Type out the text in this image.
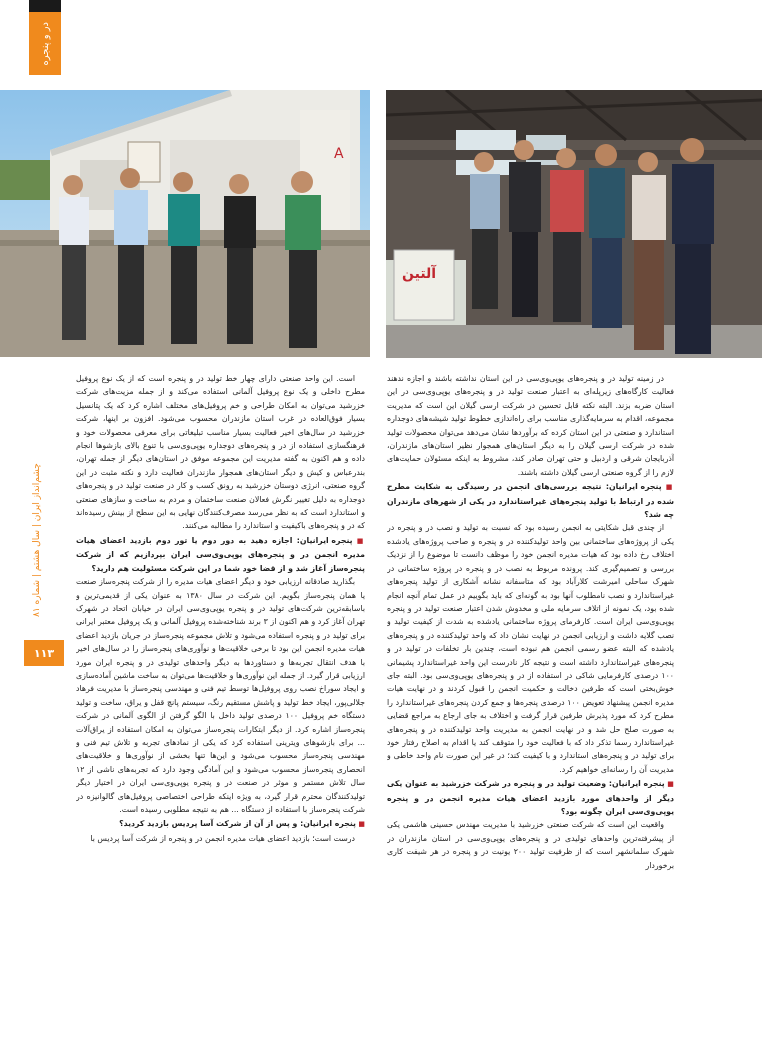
در و پنجره
A
آلتین

در زمینه تولید در و پنجره‌های یوپی‌وی‌سی در این استان نداشته باشند و اجازه ندهند فعالیت کارگاه‌های زیرپله‌ای به اعتبار صنعت تولید در و پنجره‌های یوپی‌وی‌سی در این استان ضربه بزند. البته نکته قابل تحسین در شرکت ارسی گیلان این است که مدیریت مجموعه، اقدام به سرمایه‌گذاری مناسب برای راه‌اندازی خطوط تولید شیشه‌های دوجداره استاندارد و صنعتی در این استان کرده که برآوردها نشان می‌دهد می‌توان محصولات تولید شده در شرکت ارسی گیلان را به دیگر استان‌های همجوار نظیر استان‌های مازندران، آذربایجان شرقی و اردبیل و حتی تهران صادر کند، مشروط به اینکه مسئولان حمایت‌های لازم را از گروه صنعتی ارسی گیلان داشته باشند.

■ پنجره ایرانیان: نتیجه بررسی‌های انجمن در رسیدگی به شکایت مطرح شده در ارتباط با تولید پنجره‌های غیراستاندارد در یکی از شهرهای مازندران چه شد؟

از چندی قبل شکایتی به انجمن رسیده بود که نسبت به تولید و نصب در و پنجره در یکی از پروژه‌های ساختمانی بین واحد تولیدکننده در و پنجره و صاحب پروژه‌های یادشده اختلاف رخ داده بود که هیات مدیره انجمن خود را موظف دانست تا موضوع را از نزدیک بررسی و تصمیم‌گیری کند. پرونده مربوط به نصب در و پنجره در پروژه ساختمانی در شهرک ساحلی امیرشت کلارآباد بود که متاسفانه نشانه آشکاری از تولید پنجره‌های غیراستاندارد و نصب نامطلوب آنها بود به گونه‌ای که باید بگوییم در عمل تمام آنچه انجام شده بود، یک نمونه از اتلاف سرمایه ملی و مخدوش شدن اعتبار صنعت تولید در و پنجره یوپی‌وی‌سی ایران است. کارفرمای پروژه ساختمانی یادشده به شدت از کیفیت تولید و نصب گلایه داشت و ارزیابی انجمن در نهایت نشان داد که واحد تولیدکننده در و پنجره‌های یادشده که البته عضو رسمی انجمن هم نبوده است، چندین بار تخلفات در تولید در و پنجره‌های غیراستاندارد داشته است و نتیجه کار نادرست این واحد غیراستاندارد پشیمانی ۱۰۰ درصدی کارفرمایی شاکی در استفاده از در و پنجره‌های یوپی‌وی‌سی بود. البته جای خوش‌بختی است که طرفین دخالت و حکمیت انجمن را قبول کردند و در نهایت هیات مدیره انجمن پیشنهاد تعویض ۱۰۰ درصدی پنجره‌ها و جمع کردن پنجره‌های غیراستاندارد را مطرح کرد که مورد پذیرش طرفین قرار گرفت و اختلاف به جای ارجاع به مراجع قضایی به صورت صلح حل شد و در نهایت انجمن به مدیریت واحد تولیدکننده در و پنجره‌های غیراستاندارد رسما تذکر داد که با فعالیت خود را متوقف کند یا اقدام به اصلاح رفتار خود برای تولید در و پنجره‌های استاندارد و با کیفیت کند؛ در غیر این صورت نام واحد خاطی و مدیریت آن را رسانه‌ای خواهیم کرد.

■ پنجره ایرانیان: وضعیت تولید در و پنجره در شرکت خزرشید به عنوان یکی دیگر از واحدهای مورد بازدید اعضای هیات مدیره انجمن در و پنجره یوپی‌وی‌سی ایران چگونه بود؟

واقعیت این است که شرکت صنعتی خزرشید با مدیریت مهندس حسینی هاشمی یکی از پیشرفته‌ترین واحدهای تولیدی در و پنجره‌های یوپی‌وی‌سی در استان مازندران در شهرک سلمانشهر است که از ظرفیت تولید ۲۰۰ یونیت در و پنجره در هر شیفت کاری برخوردار

است. این واحد صنعتی دارای چهار خط تولید در و پنجره است که از یک نوع پروفیل مطرح داخلی و یک نوع پروفیل آلمانی استفاده می‌کند و از جمله مزیت‌های شرکت خزرشید می‌توان به امکان طراحی و خم پروفیل‌های مختلف اشاره کرد که یک پتانسیل بسیار فوق‌العاده در غرب استان مازندران محسوب می‌شود. افزون بر اینها، شرکت خزرشید در سال‌های اخیر فعالیت بسیار مناسب تبلیغاتی برای معرفی محصولات خود و فرهنگسازی استفاده از در و پنجره‌های دوجداره یوپی‌وی‌سی با تنوع بالای بازشوها انجام داده و هم اکنون به گفته مدیریت این مجموعه موفق در استان‌های دیگر از جمله تهران، بندرعباس و کیش و دیگر استان‌های همجوار مازندران فعالیت دارد و نکته مثبت در این گروه صنعتی، انرژی دوستان خزرشید به رونق کسب و کار در صنعت تولید در و پنجره‌های دوجداره به دلیل تغییر نگرش فعالان صنعت ساختمان و مردم به ساخت و سازهای صنعتی و استاندارد است که به نظر می‌رسد مصرف‌کنندگان نهایی به این سطح از بینش رسیده‌اند که در و پنجره‌های باکیفیت و استاندارد را مطالبه می‌کنند.

■ پنجره ایرانیان: اجازه دهید به دور دوم یا تور دوم بازدید اعضای هیات مدیره انجمن در و پنجره‌های یوپی‌وی‌سی ایران بپردازیم که از شرکت پنجره‌ساز آغاز شد و از قضا خود شما در این شرکت مسئولیت هم دارید؟

بگذارید صادقانه ارزیابی خود و دیگر اعضای هیات مدیره را از شرکت پنجره‌ساز صنعت یا همان پنجره‌ساز بگویم. این شرکت در سال ۱۳۸۰ به عنوان یکی از قدیمی‌ترین و باسابقه‌ترین شرکت‌های تولید در و پنجره یوپی‌وی‌سی ایران در خیابان اتحاد در شهرک تهران آغاز کرد و هم اکنون از ۳ برند شناخته‌شده پروفیل آلمانی و یک پروفیل معتبر ایرانی برای تولید در و پنجره استفاده می‌شود و تلاش مجموعه پنجره‌ساز در جریان بازدید اعضای هیات مدیره انجمن این بود تا برخی خلاقیت‌ها و نوآوری‌های پنجره‌ساز را در سال‌های اخیر با هدف انتقال تجربه‌ها و دستاوردها به دیگر واحدهای تولیدی در و پنجره ایران مورد ارزیابی قرار گیرد. از جمله این نوآوری‌ها و خلاقیت‌ها می‌توان به ساخت ماشین آماده‌سازی و ایجاد سوراخ نصب روی پروفیل‌ها توسط تیم فنی و مهندسی پنجره‌ساز با مدیریت فرهاد جلالی‌پور، ایجاد خط تولید و پاشش مستقیم رنگ، سیستم پانچ قفل و یراق، ساخت و تولید دستگاه خم پروفیل ۱۰۰ درصدی تولید داخل با الگو گرفتن از الگوی آلمانی در شرکت پنجره‌ساز اشاره کرد. از دیگر ابتکارات پنجره‌ساز می‌توان به امکان استفاده از یراق‌آلات ... برای بازشوهای ویترینی استفاده کرد که یکی از نمادهای تجربه و تلاش تیم فنی و مهندسی پنجره‌ساز محسوب می‌شود و این‌ها تنها بخشی از نوآوری‌ها و خلاقیت‌های انحصاری پنجره‌ساز محسوب می‌شود و این آمادگی وجود دارد که تجربه‌های ناشی از ۱۲ سال تلاش مستمر و موثر در صنعت در و پنجره یوپی‌وی‌سی ایران در اختیار دیگر تولیدکنندگان محترم قرار گیرد، به ویژه اینکه طراحی اختصاصی پروفیل‌های گالوانیزه در شرکت پنجره‌ساز با استفاده از دستگاه ... هم به نتیجه مطلوبی رسیده است.

■ پنجره ایرانیان: و پس از آن از شرکت آسا پردیس بازدید کردید؟

درست است؛ بازدید اعضای هیات مدیره انجمن در و پنجره از شرکت آسا پردیس با

چشم‌انداز ایران | سال هشتم | شماره ۸۱
۱۱۳
